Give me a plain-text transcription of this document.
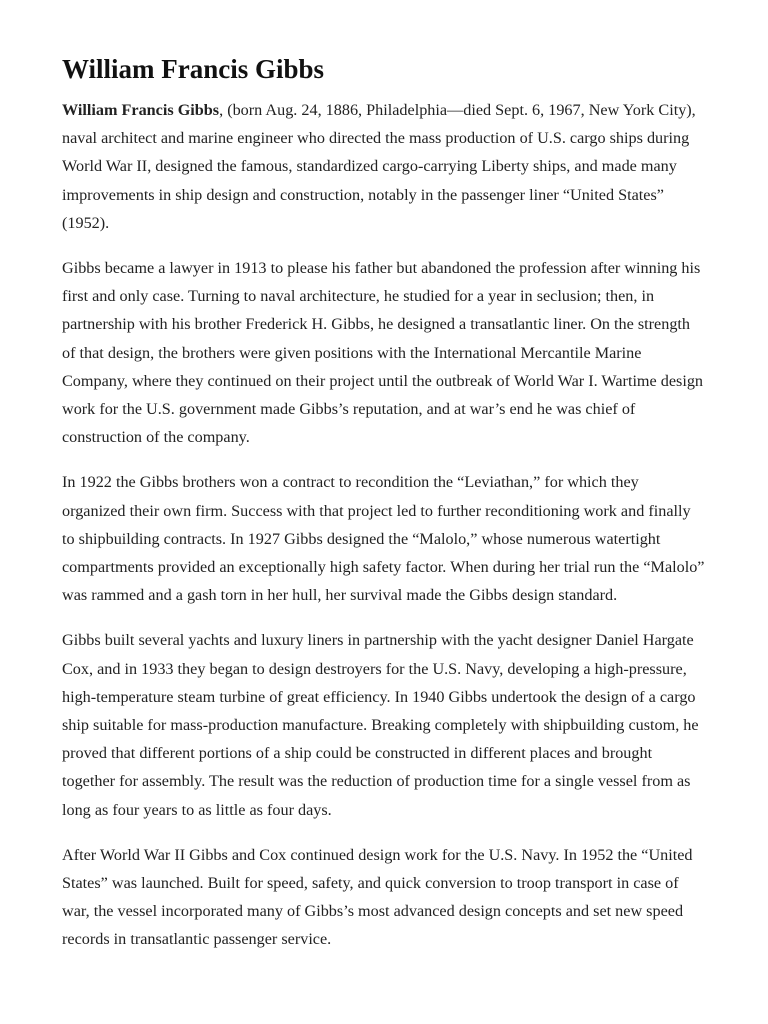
William Francis Gibbs

William Francis Gibbs, (born Aug. 24, 1886, Philadelphia—died Sept. 6, 1967, New York City), naval architect and marine engineer who directed the mass production of U.S. cargo ships during World War II, designed the famous, standardized cargo-carrying Liberty ships, and made many improvements in ship design and construction, notably in the passenger liner “United States” (1952).

Gibbs became a lawyer in 1913 to please his father but abandoned the profession after winning his first and only case. Turning to naval architecture, he studied for a year in seclusion; then, in partnership with his brother Frederick H. Gibbs, he designed a transatlantic liner. On the strength of that design, the brothers were given positions with the International Mercantile Marine Company, where they continued on their project until the outbreak of World War I. Wartime design work for the U.S. government made Gibbs’s reputation, and at war’s end he was chief of construction of the company.

In 1922 the Gibbs brothers won a contract to recondition the “Leviathan,” for which they organized their own firm. Success with that project led to further reconditioning work and finally to shipbuilding contracts. In 1927 Gibbs designed the “Malolo,” whose numerous watertight compartments provided an exceptionally high safety factor. When during her trial run the “Malolo” was rammed and a gash torn in her hull, her survival made the Gibbs design standard.

Gibbs built several yachts and luxury liners in partnership with the yacht designer Daniel Hargate Cox, and in 1933 they began to design destroyers for the U.S. Navy, developing a high-pressure, high-temperature steam turbine of great efficiency. In 1940 Gibbs undertook the design of a cargo ship suitable for mass-production manufacture. Breaking completely with shipbuilding custom, he proved that different portions of a ship could be constructed in different places and brought together for assembly. The result was the reduction of production time for a single vessel from as long as four years to as little as four days.

After World War II Gibbs and Cox continued design work for the U.S. Navy. In 1952 the “United States” was launched. Built for speed, safety, and quick conversion to troop transport in case of war, the vessel incorporated many of Gibbs’s most advanced design concepts and set new speed records in transatlantic passenger service.
